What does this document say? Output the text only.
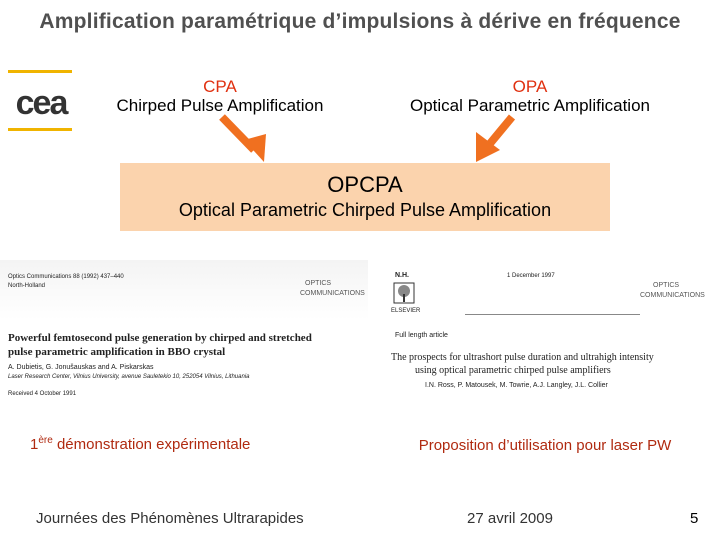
Amplification paramétrique d’impulsions à dérive en fréquence
cea	CPA
Chirped Pulse Amplification
OPA
Optical Parametric Amplification
OPCPA
Optical Parametric Chirped Pulse Amplification
Optics Communications 88 (1992) 437–440
North-Holland	OPTICS
COMMUNICATIONS
Powerful femtosecond pulse generation by chirped and stretched
pulse parametric amplification in BBO crystal
A. Dubietis, G. Jonušauskas and A. Piskarskas
Laser Research Center, Vilnius University, avenue Sauletekio 10, 252054 Vilnius, Lithuania
Received 4 October 1991
N.H.
ELSEVIER
1 December 1997
OPTICS
COMMUNICATIONS
Full length article
The prospects for ultrashort pulse duration and ultrahigh intensity
using optical parametric chirped pulse amplifiers
I.N. Ross, P. Matousek, M. Towrie, A.J. Langley, J.L. Collier
1ère démonstration expérimentale	Proposition d’utilisation pour laser PW
Journées des Phénomènes Ultrarapides	27 avril 2009	5
